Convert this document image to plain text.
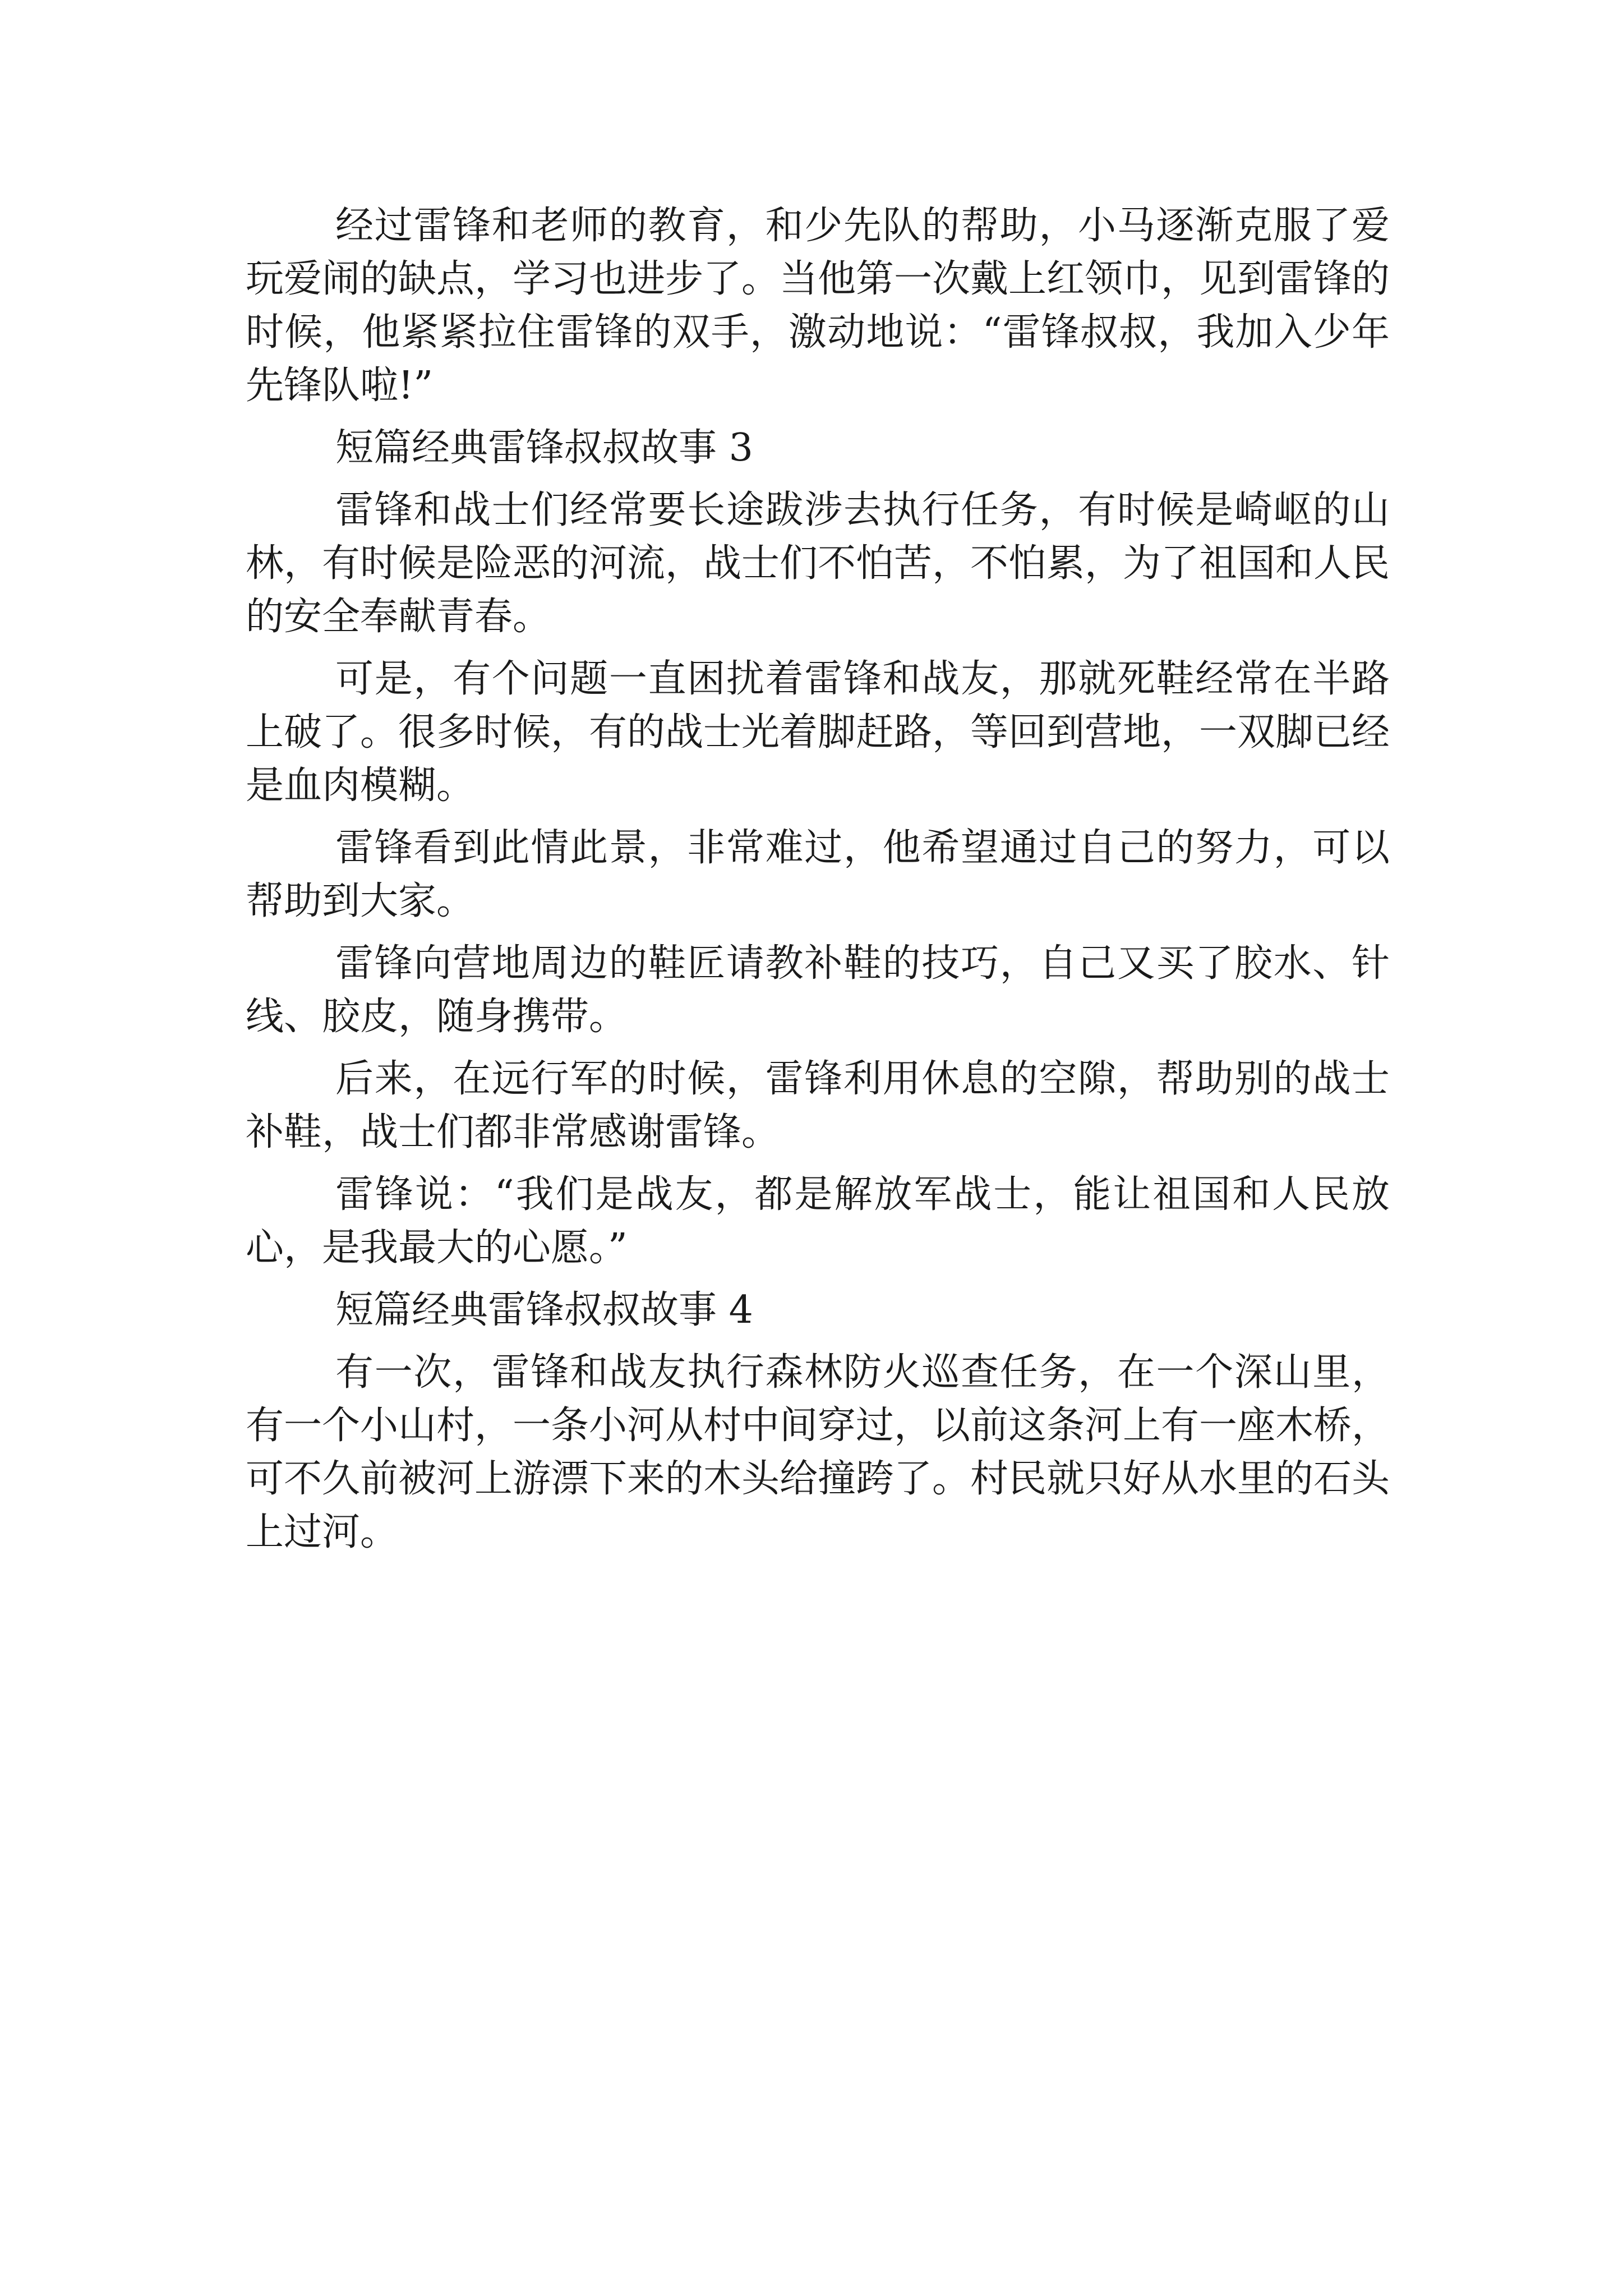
经过雷锋和老师的教育，和少先队的帮助，小马逐渐克服了爱玩爱闹的缺点，学习也进步了。当他第一次戴上红领巾，见到雷锋的时候，他紧紧拉住雷锋的双手，激动地说：“雷锋叔叔，我加入少年先锋队啦!”

短篇经典雷锋叔叔故事 3

雷锋和战士们经常要长途跋涉去执行任务，有时候是崎岖的山林，有时候是险恶的河流，战士们不怕苦，不怕累，为了祖国和人民的安全奉献青春。

可是，有个问题一直困扰着雷锋和战友，那就死鞋经常在半路上破了。很多时候，有的战士光着脚赶路，等回到营地，一双脚已经是血肉模糊。

雷锋看到此情此景，非常难过，他希望通过自己的努力，可以帮助到大家。

雷锋向营地周边的鞋匠请教补鞋的技巧，自己又买了胶水、针线、胶皮，随身携带。

后来，在远行军的时候，雷锋利用休息的空隙，帮助别的战士补鞋，战士们都非常感谢雷锋。

雷锋说：“我们是战友，都是解放军战士，能让祖国和人民放心，是我最大的心愿。”

短篇经典雷锋叔叔故事 4

有一次，雷锋和战友执行森林防火巡查任务，在一个深山里，有一个小山村，一条小河从村中间穿过，以前这条河上有一座木桥，可不久前被河上游漂下来的木头给撞跨了。村民就只好从水里的石头上过河。
